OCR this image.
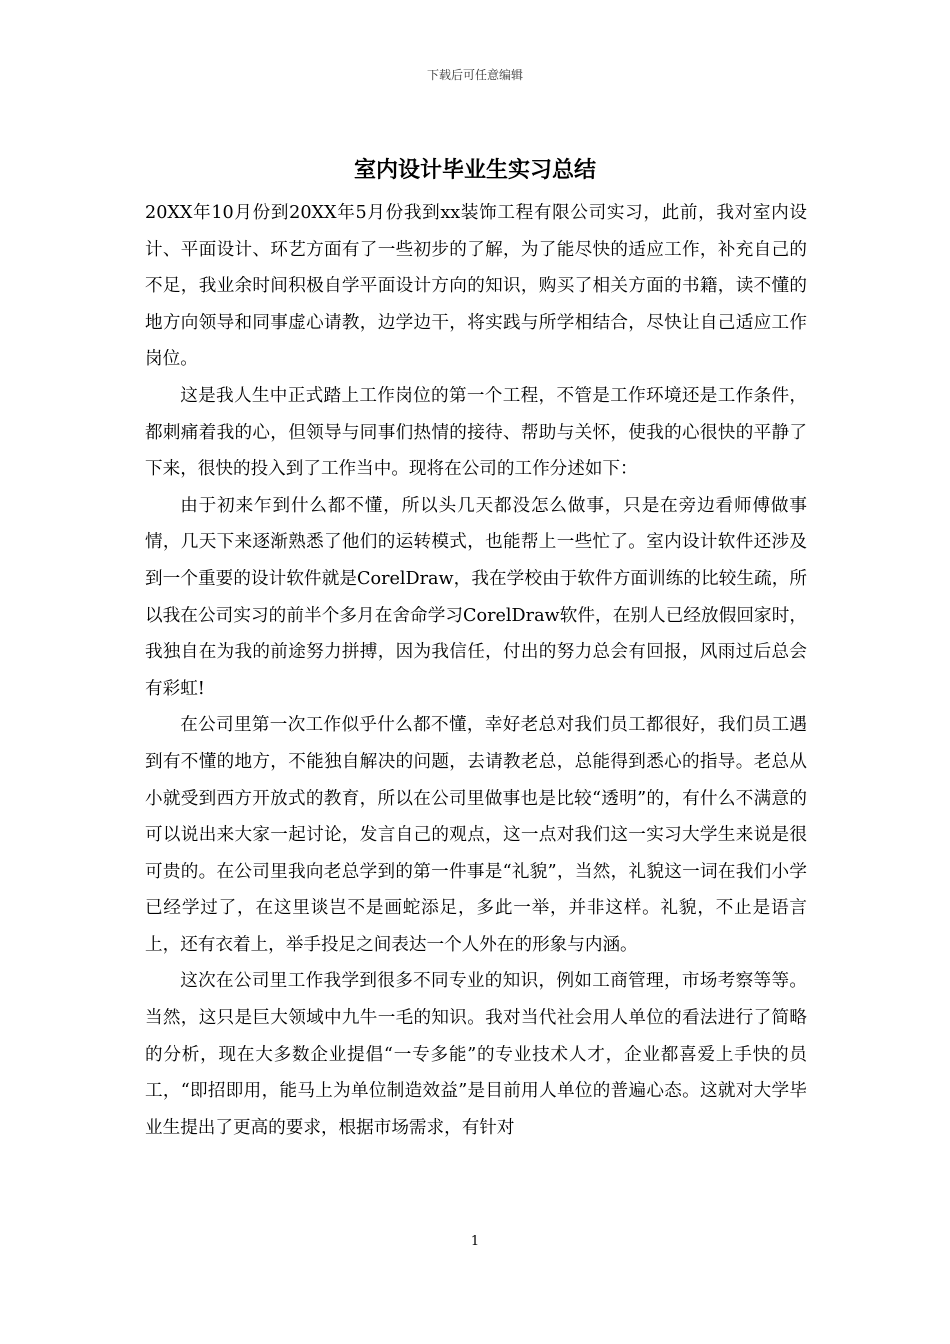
下载后可任意编辑
室内设计毕业生实习总结

20XX年10月份到20XX年5月份我到xx装饰工程有限公司实习，此前，我对室内设计、平面设计、环艺方面有了一些初步的了解，为了能尽快的适应工作，补充自己的不足，我业余时间积极自学平面设计方向的知识，购买了相关方面的书籍，读不懂的地方向领导和同事虚心请教，边学边干，将实践与所学相结合，尽快让自己适应工作岗位。

这是我人生中正式踏上工作岗位的第一个工程，不管是工作环境还是工作条件，都刺痛着我的心，但领导与同事们热情的接待、帮助与关怀，使我的心很快的平静了下来，很快的投入到了工作当中。现将在公司的工作分述如下：

由于初来乍到什么都不懂，所以头几天都没怎么做事，只是在旁边看师傅做事情，几天下来逐渐熟悉了他们的运转模式，也能帮上一些忙了。室内设计软件还涉及到一个重要的设计软件就是CorelDraw，我在学校由于软件方面训练的比较生疏，所以我在公司实习的前半个多月在舍命学习CorelDraw软件，在别人已经放假回家时，我独自在为我的前途努力拼搏，因为我信任，付出的努力总会有回报，风雨过后总会有彩虹!

在公司里第一次工作似乎什么都不懂，幸好老总对我们员工都很好，我们员工遇到有不懂的地方，不能独自解决的问题，去请教老总，总能得到悉心的指导。老总从小就受到西方开放式的教育，所以在公司里做事也是比较“透明”的，有什么不满意的可以说出来大家一起讨论，发言自己的观点，这一点对我们这一实习大学生来说是很可贵的。在公司里我向老总学到的第一件事是“礼貌”，当然，礼貌这一词在我们小学已经学过了，在这里谈岂不是画蛇添足，多此一举，并非这样。礼貌，不止是语言上，还有衣着上，举手投足之间表达一个人外在的形象与内涵。

这次在公司里工作我学到很多不同专业的知识，例如工商管理，市场考察等等。当然，这只是巨大领域中九牛一毛的知识。我对当代社会用人单位的看法进行了简略的分析，现在大多数企业提倡“一专多能”的专业技术人才，企业都喜爱上手快的员工，“即招即用，能马上为单位制造效益”是目前用人单位的普遍心态。这就对大学毕业生提出了更高的要求，根据市场需求，有针对

1
